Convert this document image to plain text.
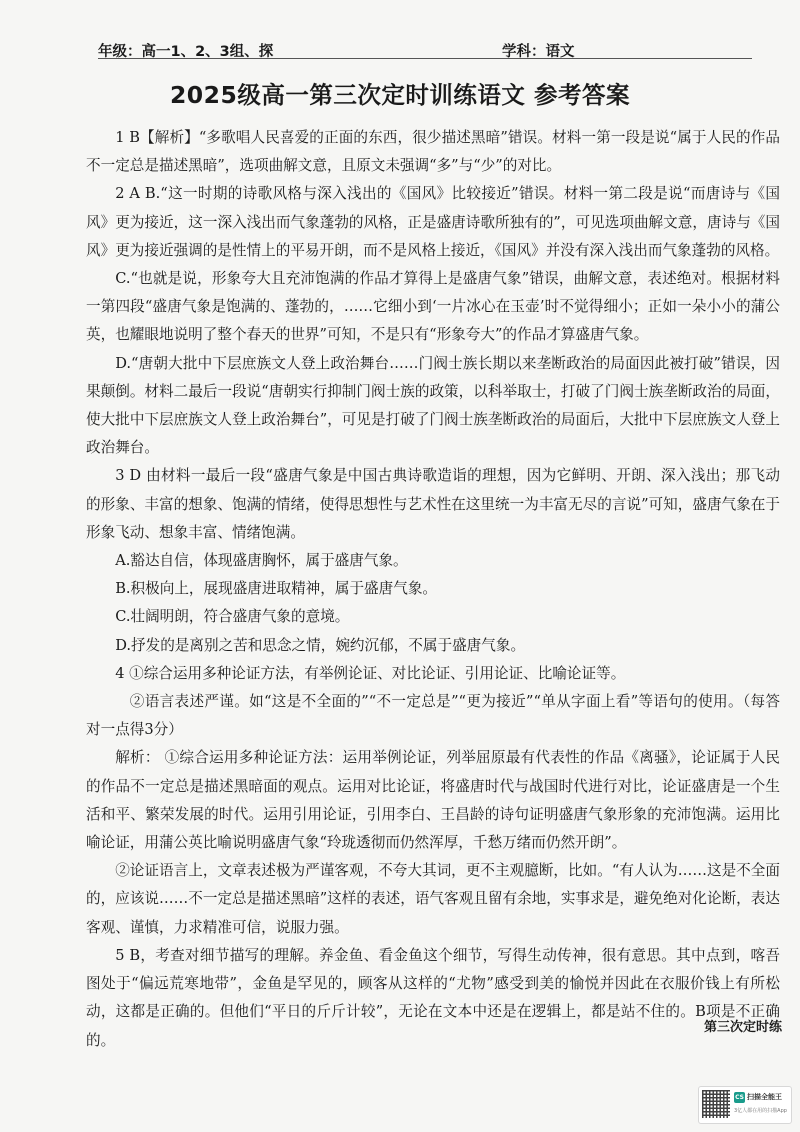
年级：高一1、2、3组、探	学科：语文
2025级高一第三次定时训练语文 参考答案

1 B【解析】“多歌唱人民喜爱的正面的东西，很少描述黑暗”错误。材料一第一段是说“属于人民的作品不一定总是描述黑暗”，选项曲解文意，且原文未强调“多”与“少”的对比。

2 A B.“这一时期的诗歌风格与深入浅出的《国风》比较接近”错误。材料一第二段是说“而唐诗与《国风》更为接近，这一深入浅出而气象蓬勃的风格，正是盛唐诗歌所独有的”，可见选项曲解文意，唐诗与《国风》更为接近强调的是性情上的平易开朗，而不是风格上接近，《国风》并没有深入浅出而气象蓬勃的风格。

C.“也就是说，形象夸大且充沛饱满的作品才算得上是盛唐气象”错误，曲解文意，表述绝对。根据材料一第四段“盛唐气象是饱满的、蓬勃的，……它细小到‘一片冰心在玉壶’时不觉得细小；正如一朵小小的蒲公英，也耀眼地说明了整个春天的世界”可知，不是只有“形象夸大”的作品才算盛唐气象。

D.“唐朝大批中下层庶族文人登上政治舞台……门阀士族长期以来垄断政治的局面因此被打破”错误，因果颠倒。材料二最后一段说“唐朝实行抑制门阀士族的政策，以科举取士，打破了门阀士族垄断政治的局面，使大批中下层庶族文人登上政治舞台”，可见是打破了门阀士族垄断政治的局面后，大批中下层庶族文人登上政治舞台。

3 D 由材料一最后一段“盛唐气象是中国古典诗歌造诣的理想，因为它鲜明、开朗、深入浅出；那飞动的形象、丰富的想象、饱满的情绪，使得思想性与艺术性在这里统一为丰富无尽的言说”可知，盛唐气象在于形象飞动、想象丰富、情绪饱满。

A.豁达自信，体现盛唐胸怀，属于盛唐气象。

B.积极向上，展现盛唐进取精神，属于盛唐气象。

C.壮阔明朗，符合盛唐气象的意境。

D.抒发的是离别之苦和思念之情，婉约沉郁，不属于盛唐气象。

4 ①综合运用多种论证方法，有举例论证、对比论证、引用论证、比喻论证等。

②语言表述严谨。如“这是不全面的”“不一定总是”“更为接近”“单从字面上看”等语句的使用。（每答对一点得3分）

解析： ①综合运用多种论证方法：运用举例论证，列举屈原最有代表性的作品《离骚》，论证属于人民的作品不一定总是描述黑暗面的观点。运用对比论证，将盛唐时代与战国时代进行对比，论证盛唐是一个生活和平、繁荣发展的时代。运用引用论证，引用李白、王昌龄的诗句证明盛唐气象形象的充沛饱满。运用比喻论证，用蒲公英比喻说明盛唐气象“玲珑透彻而仍然浑厚，千愁万绪而仍然开朗”。

②论证语言上，文章表述极为严谨客观，不夸大其词，更不主观臆断，比如。“有人认为……这是不全面的，应该说……不一定总是描述黑暗”这样的表述，语气客观且留有余地，实事求是，避免绝对化论断，表达客观、谨慎，力求精准可信，说服力强。

5 B，考查对细节描写的理解。养金鱼、看金鱼这个细节，写得生动传神，很有意思。其中点到，喀吾图处于“偏远荒寒地带”，金鱼是罕见的，顾客从这样的“尤物”感受到美的愉悦并因此在衣服价钱上有所松动，这都是正确的。但他们“平日的斤斤计较”，无论在文本中还是在逻辑上，都是站不住的。B项是不正确的。

第三次定时练
CS 扫描全能王
3亿人都在用的扫描App
